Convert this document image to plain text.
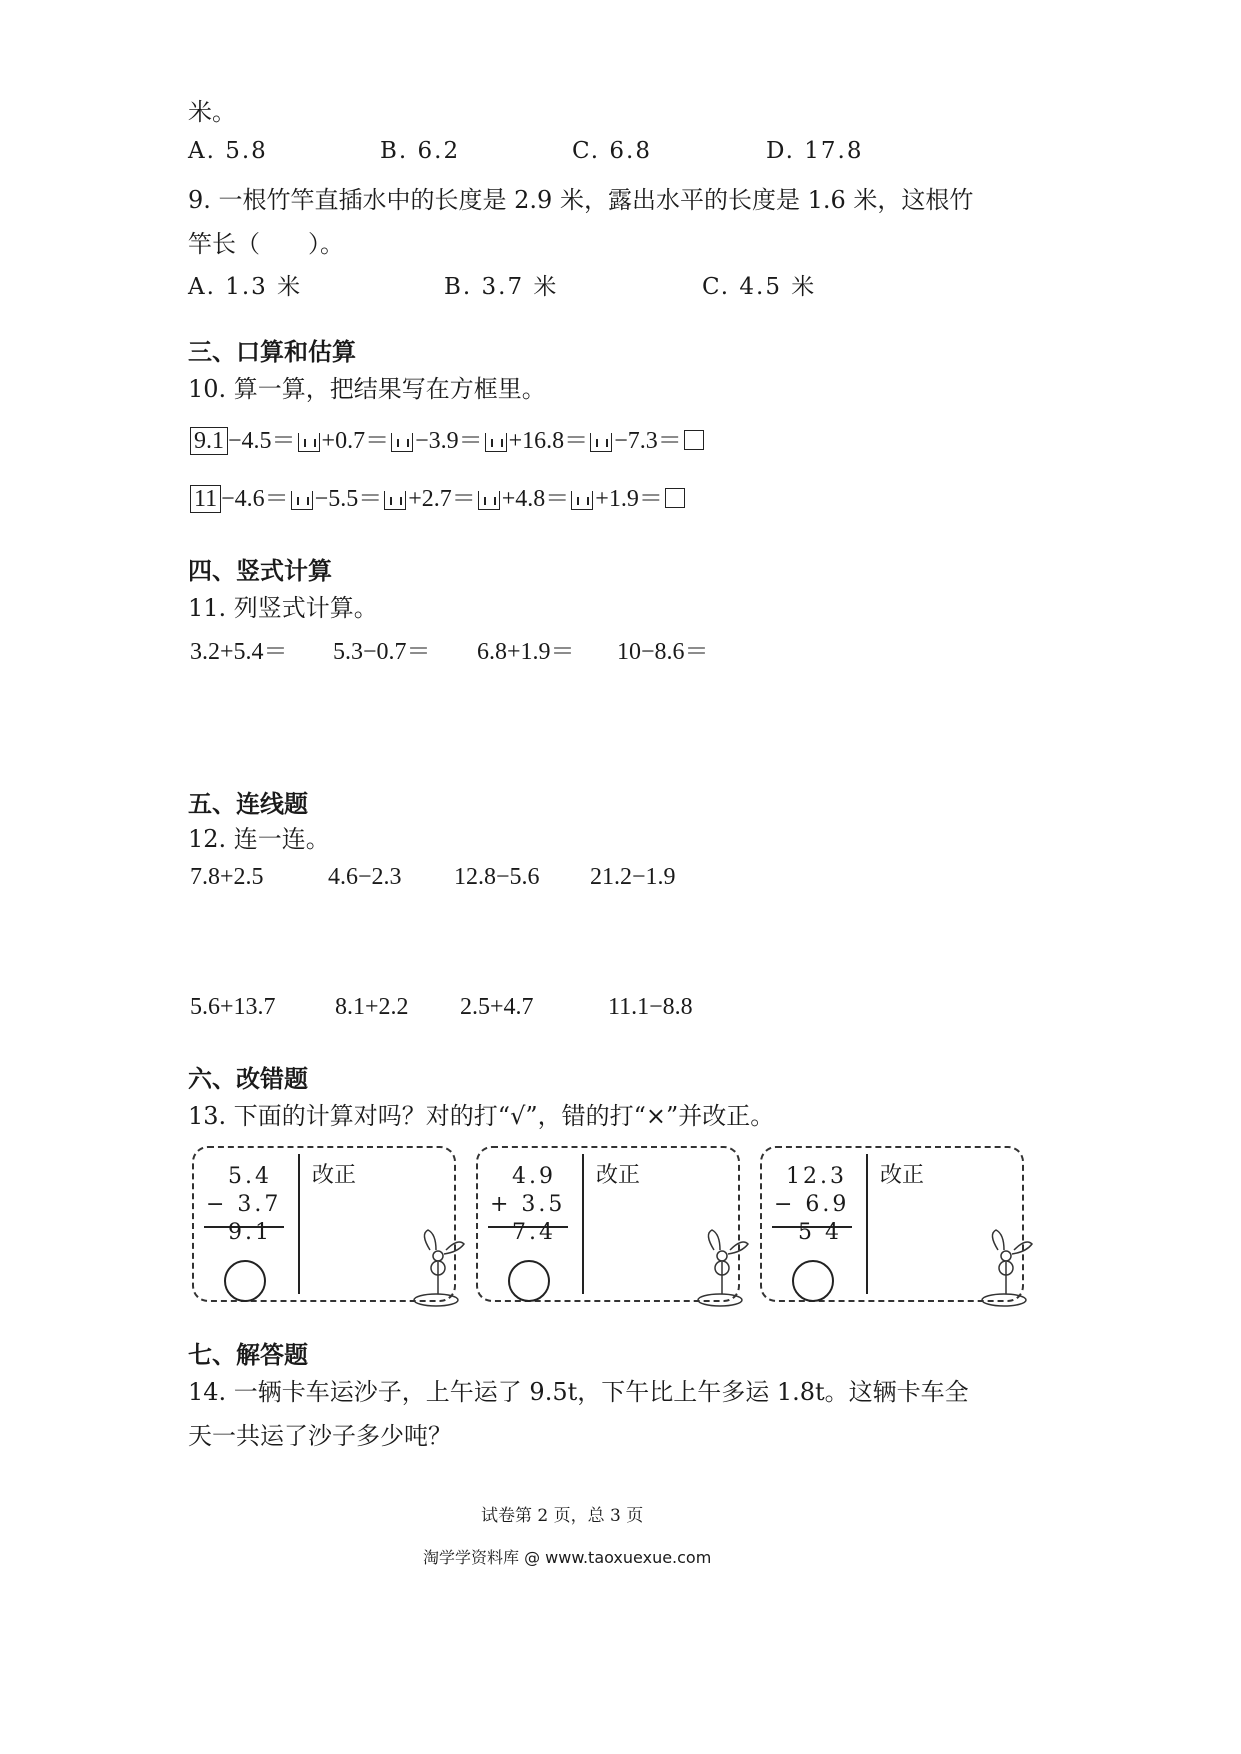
米。
A. 5.8	B. 6.2	C. 6.8	D. 17.8
9. 一根竹竿直插水中的长度是 2.9 米，露出水平的长度是 1.6 米，这根竹
竿长（　　）。
A. 1.3 米	B. 3.7 米	C. 4.5 米
三、口算和估算
10. 算一算，把结果写在方框里。
9.1 −4.5＝ +0.7＝ −3.9＝ +16.8＝ −7.3＝
11 −4.6＝ −5.5＝ +2.7＝ +4.8＝ +1.9＝
四、竖式计算
11. 列竖式计算。
3.2+5.4＝ 5.3−0.7＝ 6.8+1.9＝ 10−8.6＝
五、连线题
12. 连一连。
7.8+2.5	4.6−2.3 12.8−5.6 21.2−1.9
5.6+13.7 8.1+2.2 2.5+4.7	11.1−8.8
六、改错题
13. 下面的计算对吗？对的打“√”，错的打“×”并改正。
5.4
− 3.7
9.1
改正	4.9
+ 3.5
7.4
改正	12.3
− 6.9
5 4
改正
七、解答题
14. 一辆卡车运沙子，上午运了 9.5t，下午比上午多运 1.8t。这辆卡车全
天一共运了沙子多少吨？
试卷第 2 页，总 3 页
淘学学资料库 @ www.taoxuexue.com
